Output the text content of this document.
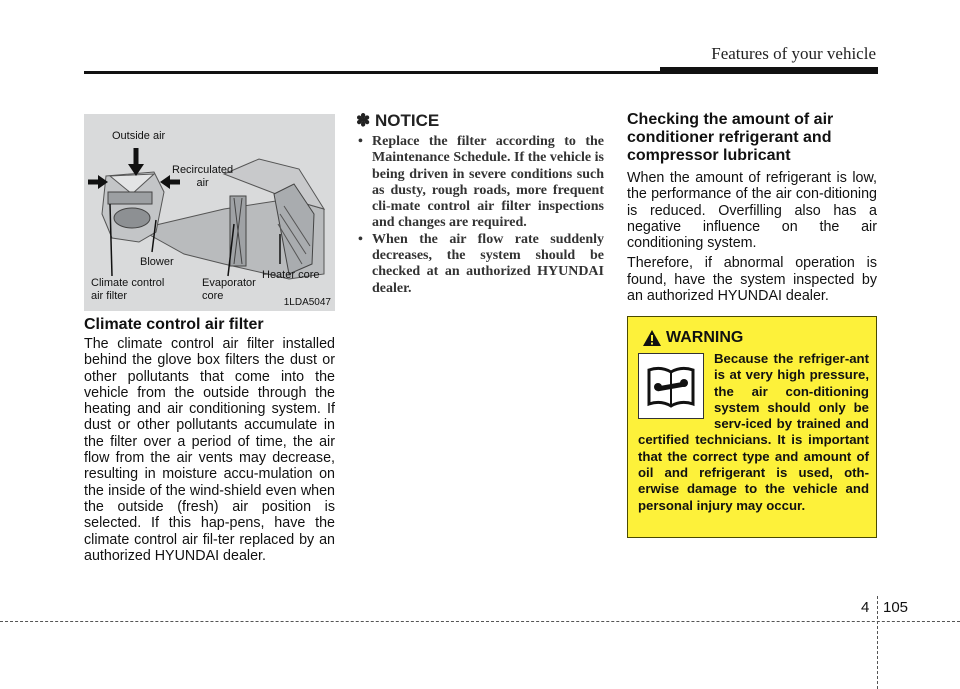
Features of your vehicle
Outside air
Recirculated
air
Blower
Climate control
air filter
Evaporator
core
Heater core
1LDA5047
Climate control air filter

The climate control air filter installed behind the glove box filters the dust or other pollutants that come into the vehicle from the outside through the heating and air conditioning system. If dust or other pollutants accumulate in the filter over a period of time, the air flow from the air vents may decrease, resulting in moisture accu-mulation on the inside of the wind-shield even when the outside (fresh) air position is selected. If this hap-pens, have the climate control air fil-ter replaced by an authorized HYUNDAI dealer.

✽ NOTICE
• Replace the filter according to the Maintenance Schedule. If the vehicle is being driven in severe conditions such as dusty, rough roads, more frequent cli-mate control air filter inspections and changes are required.
• When the air flow rate suddenly decreases, the system should be checked at an authorized HYUNDAI dealer.
Checking the amount of air conditioner refrigerant and compressor lubricant

When the amount of refrigerant is low, the performance of the air con-ditioning is reduced. Overfilling also has a negative influence on the air conditioning system.

Therefore, if abnormal operation is found, have the system inspected by an authorized HYUNDAI dealer.

WARNING

Because the refriger-ant is at very high pressure, the air con-ditioning system should only be serv-iced by trained and certified technicians. It is important that the correct type and amount of oil and refrigerant is used, oth-erwise damage to the vehicle and personal injury may occur.

4 105
